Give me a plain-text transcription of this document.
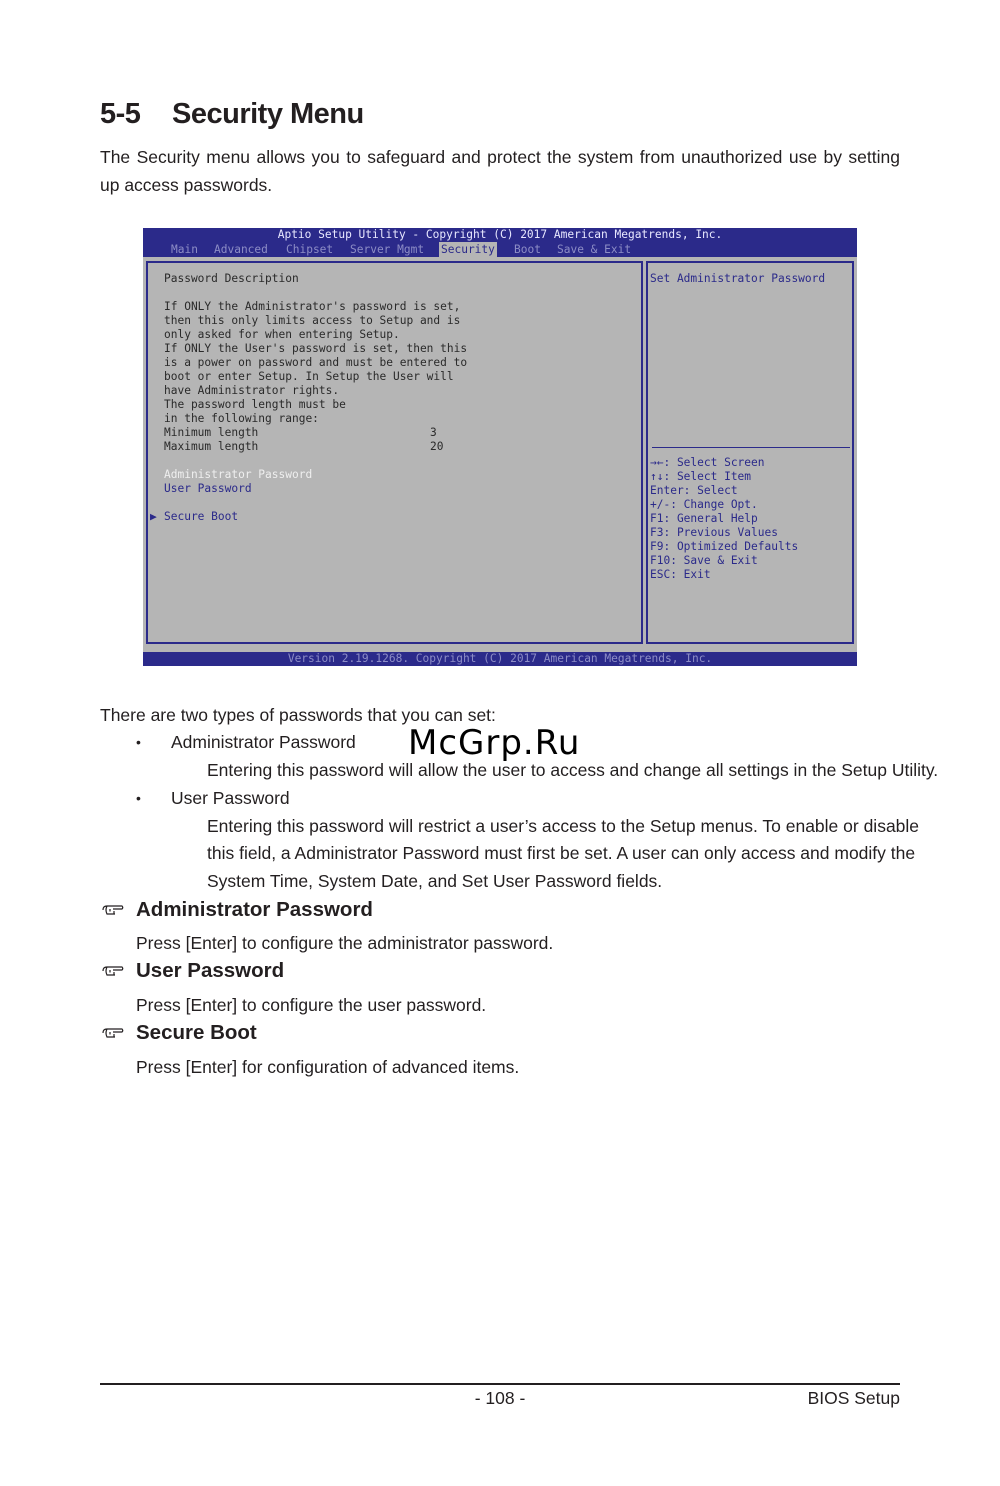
5-5 Security Menu

The Security menu allows you to safeguard and protect the system from unauthorized use by setting up access passwords.

Aptio Setup Utility - Copyright (C) 2017 American Megatrends, Inc.
Main Advanced Chipset Server Mgmt Security Boot Save & Exit
Password Description
If ONLY the Administrator's password is set,
then this only limits access to Setup and is
only asked for when entering Setup.
If ONLY the User's password is set, then this
is a power on password and must be entered to
boot or enter Setup. In Setup the User will
have Administrator rights.
The password length must be
in the following range:
Minimum length	3
Maximum length	20
Administrator Password
User Password
▶ Secure Boot
Set Administrator Password
→←: Select Screen
↑↓: Select Item
Enter: Select
+/-: Change Opt.
F1: General Help
F3: Previous Values
F9: Optimized Defaults
F10: Save & Exit
ESC: Exit
Version 2.19.1268. Copyright (C) 2017 American Megatrends, Inc.

There are two types of passwords that you can set:

• Administrator Password

Entering this password will allow the user to access and change all settings in the Setup Utility.

• User Password

Entering this password will restrict a user’s access to the Setup menus. To enable or disable

this field, a Administrator Password must first be set. A user can only access and modify the

System Time, System Date, and Set User Password fields.

McGrp.Ru

Administrator Password

Press [Enter] to configure the administrator password.

User Password

Press [Enter] to configure the user password.

Secure Boot

Press [Enter] for configuration of advanced items.

- 108 -	BIOS Setup
